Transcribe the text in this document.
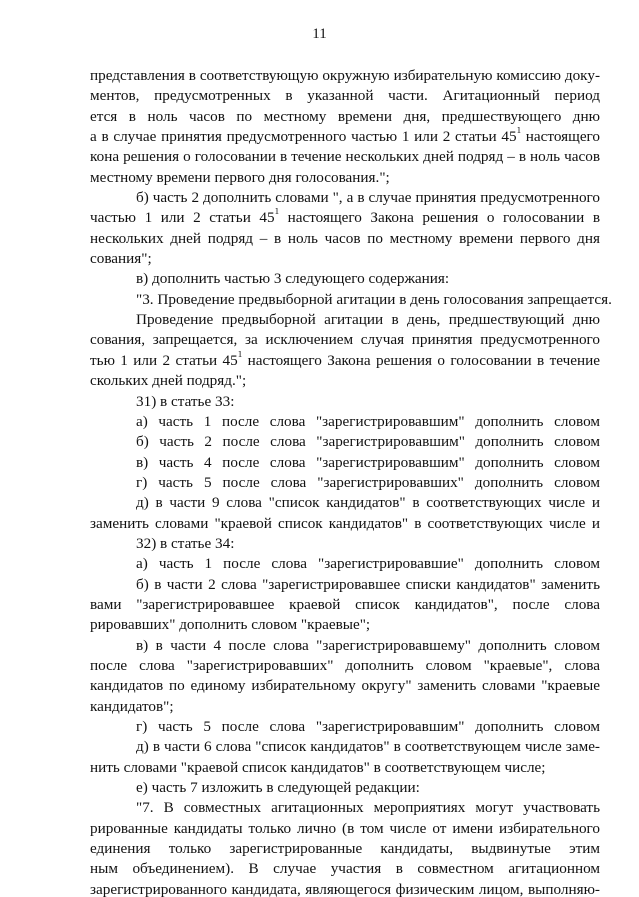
11
представления в соответствующую окружную избирательную комиссию доку-
ментов, предусмотренных в указанной части. Агитационный период
ется в ноль часов по местному времени дня, предшествующего дню
а в случае принятия предусмотренного частью 1 или 2 статьи $45^1$ настоящего
кона решения о голосовании в течение нескольких дней подряд – в ноль часов
местному времени первого дня голосования.";
б) часть 2 дополнить словами ", а в случае принятия предусмотренного
частью 1 или 2 статьи $45^1$ настоящего Закона решения о голосовании в
нескольких дней подряд – в ноль часов по местному времени первого дня
сования";
в) дополнить частью 3 следующего содержания:
"3. Проведение предвыборной агитации в день голосования запрещается.
Проведение предвыборной агитации в день, предшествующий дню
сования, запрещается, за исключением случая принятия предусмотренного
тью 1 или 2 статьи $45^1$ настоящего Закона решения о голосовании в течение
скольких дней подряд.";
31) в статье 33:
а) часть 1 после слова "зарегистрировавшим" дополнить словом
б) часть 2 после слова "зарегистрировавшим" дополнить словом
в) часть 4 после слова "зарегистрировавшим" дополнить словом
г) часть 5 после слова "зарегистрировавших" дополнить словом
д) в части 9 слова "список кандидатов" в соответствующих числе и
заменить словами "краевой список кандидатов" в соответствующих числе и
32) в статье 34:
а) часть 1 после слова "зарегистрировавшие" дополнить словом
б) в части 2 слова "зарегистрировавшее списки кандидатов" заменить
вами "зарегистрировавшее краевой список кандидатов", после слова
рировавших" дополнить словом "краевые";
в) в части 4 после слова "зарегистрировавшему" дополнить словом
после слова "зарегистрировавших" дополнить словом "краевые", слова
кандидатов по единому избирательному округу" заменить словами "краевые
кандидатов";
г) часть 5 после слова "зарегистрировавшим" дополнить словом
д) в части 6 слова "список кандидатов" в соответствующем числе заме-
нить словами "краевой список кандидатов" в соответствующем числе;
е) часть 7 изложить в следующей редакции:
"7. В совместных агитационных мероприятиях могут участвовать
рированные кандидаты только лично (в том числе от имени избирательного
единения только зарегистрированные кандидаты, выдвинутые этим
ным объединением). В случае участия в совместном агитационном
зарегистрированного кандидата, являющегося физическим лицом, выполняю-
